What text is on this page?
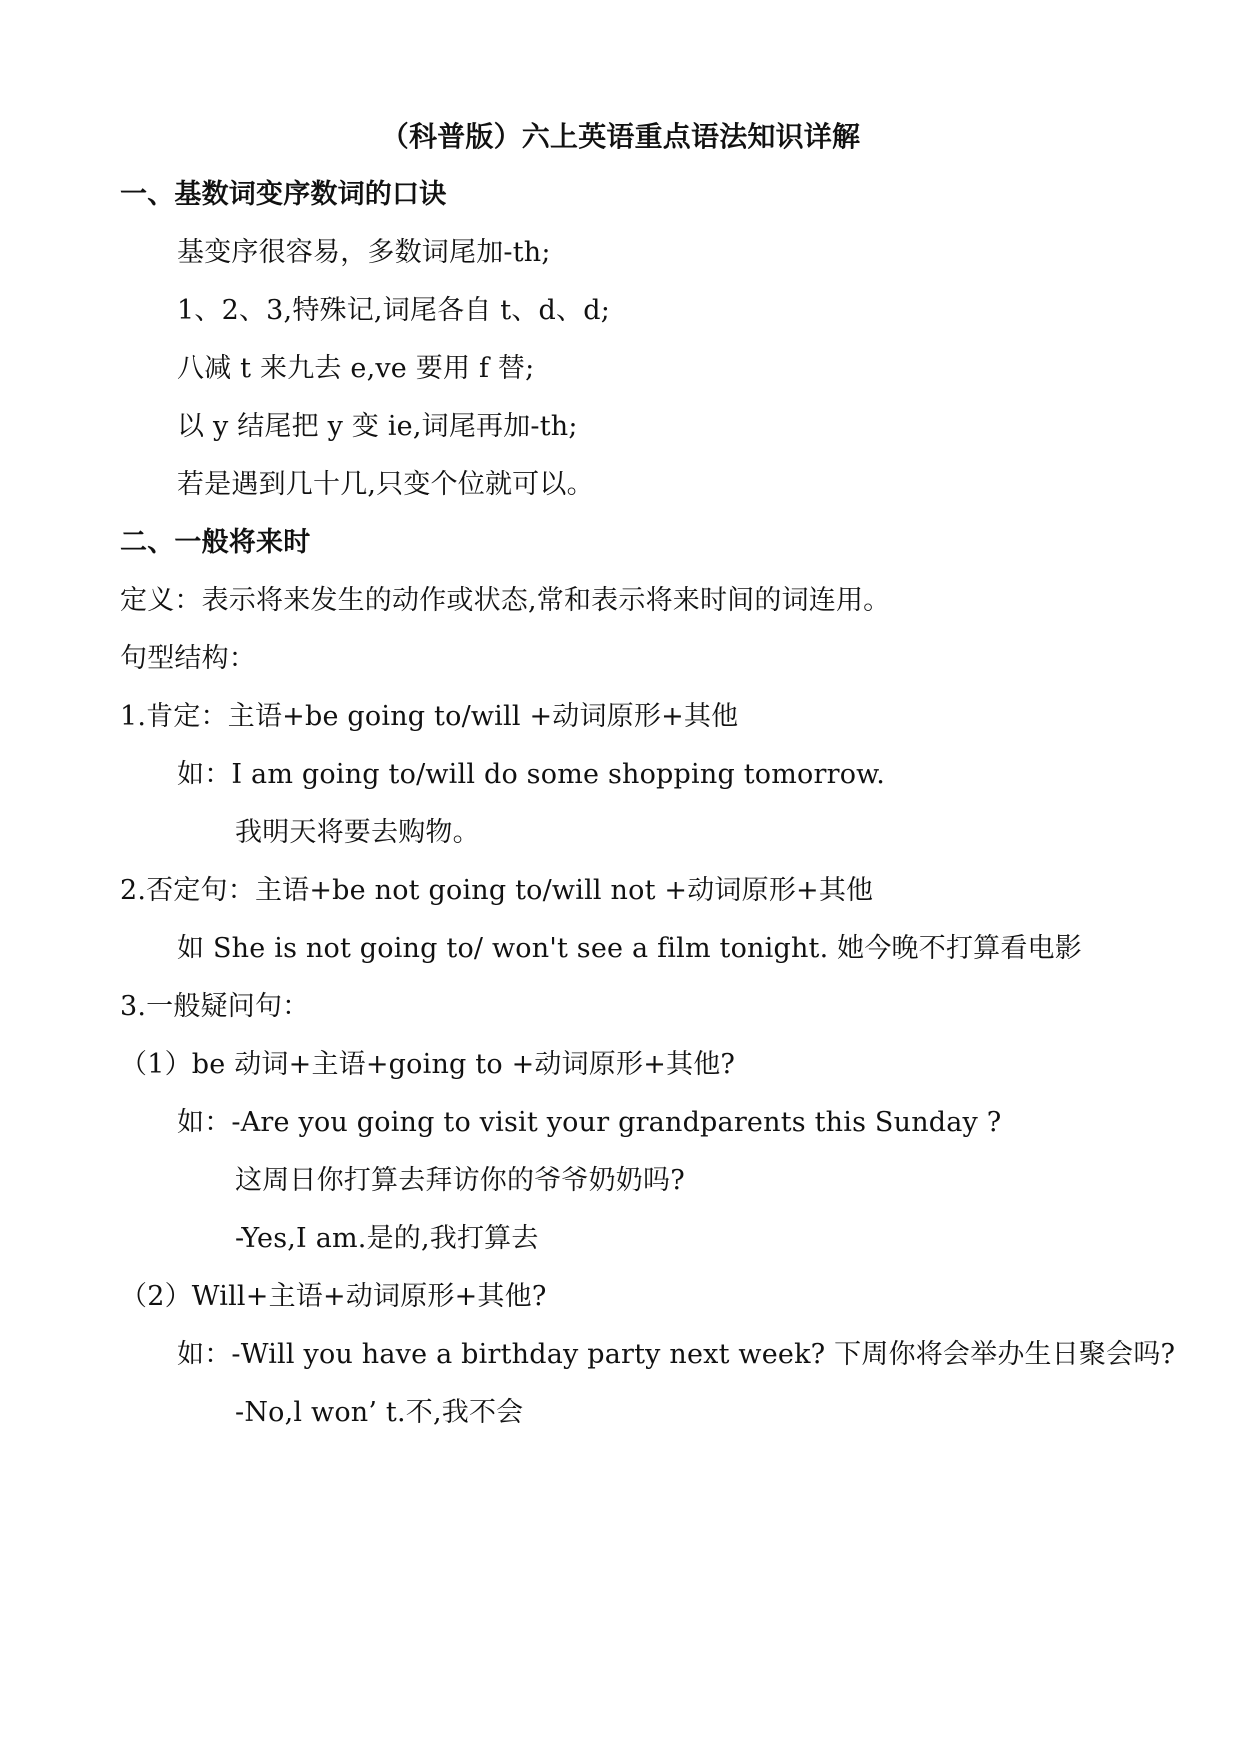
（科普版）六上英语重点语法知识详解
一、基数词变序数词的口诀
基变序很容易，多数词尾加-th;
1、2、3,特殊记,词尾各自 t、d、d;
八减 t 来九去 e,ve 要用 f 替;
以 y 结尾把 y 变 ie,词尾再加-th;
若是遇到几十几,只变个位就可以。
二、一般将来时
定义：表示将来发生的动作或状态,常和表示将来时间的词连用。
句型结构：
1.肯定：主语+be going to/will +动词原形+其他
如：I am going to/will do some shopping tomorrow.
我明天将要去购物。
2.否定句：主语+be not going to/will not +动词原形+其他
如 She is not going to/ won't see a film tonight. 她今晚不打算看电影
3.一般疑问句：
（1）be 动词+主语+going to +动词原形+其他?
如：-Are you going to visit your grandparents this Sunday ?
这周日你打算去拜访你的爷爷奶奶吗?
-Yes,I am.是的,我打算去
（2）Will+主语+动词原形+其他?
如：-Will you have a birthday party next week? 下周你将会举办生日聚会吗?
-No,l won’ t.不,我不会
